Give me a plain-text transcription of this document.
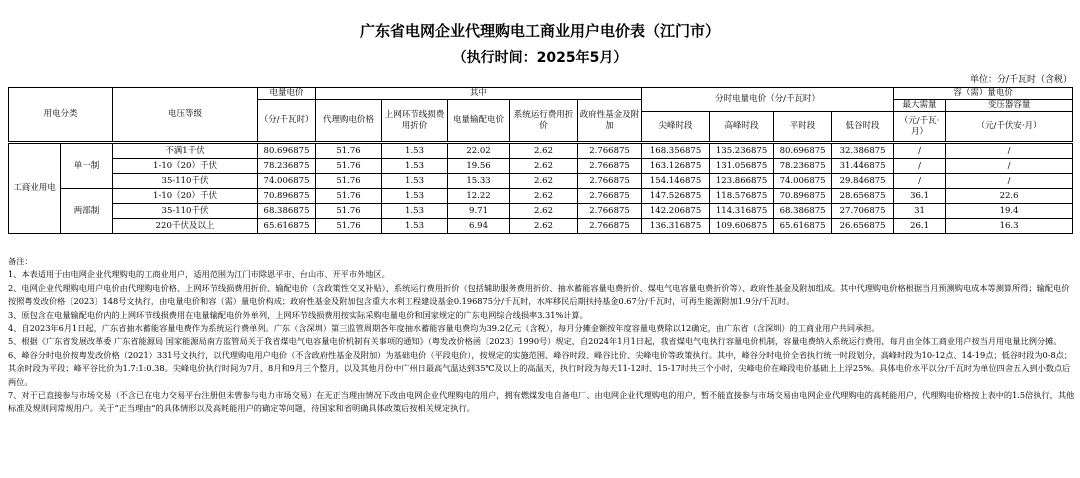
广东省电网企业代理购电工商业用户电价表（江门市）
（执行时间：2025年5月）
单位：分/千瓦时（含税）
用电分类		电压等级	电量电价	其中					分时电量电价（分/千瓦时）				容（需）量电价	
			（分/千瓦时）	代理购电价格	上网环节线损费用折价	电量输配电价	系统运行费用折价	政府性基金及附加					最大需量	变压器容量
									尖峰时段	高峰时段	平时段	低谷时段	（元/千瓦·月）	（元/千伏安·月）
工商业用电	单一制	不满1千伏	80.696875	51.76	1.53	22.02	2.62	2.766875	168.356875	135.236875	80.696875	32.386875	/	/
		1-10（20）千伏	78.236875	51.76	1.53	19.56	2.62	2.766875	163.126875	131.056875	78.236875	31.446875	/	/
		35-110千伏	74.006875	51.76	1.53	15.33	2.62	2.766875	154.146875	123.866875	74.006875	29.846875	/	/
	两部制	1-10（20）千伏	70.896875	51.76	1.53	12.22	2.62	2.766875	147.526875	118.576875	70.896875	28.656875	36.1	22.6
		35-110千伏	68.386875	51.76	1.53	9.71	2.62	2.766875	142.206875	114.316875	68.386875	27.706875	31	19.4
		220千伏及以上	65.616875	51.76	1.53	6.94	2.62	2.766875	136.316875	109.606875	65.616875	26.656875	26.1	16.3
备注：
1、本表适用于由电网企业代理购电的工商业用户，适用范围为江门市除恩平市、台山市、开平市外地区。
2、电网企业代理购电用户电价由代理购电价格、上网环节线损费用折价、输配电价（含政策性交叉补贴）、系统运行费用折价（包括辅助服务费用折价、抽水蓄能容量电费折价、煤电气电容量电费折价等）、政府性基金及附加组成。其中代理购电价格根据当月预测购电成本等测算所得；输配电价按照粤发改价格〔2023〕148号文执行，由电量电价和容（需）量电价构成；政府性基金及附加包含重大水利工程建设基金0.196875分/千瓦时，水库移民后期扶持基金0.67分/千瓦时，可再生能源附加1.9分/千瓦时。
3、原包含在电量输配电价内的上网环节线损费用在电量输配电价外单列，上网环节线损费用按实际采购电量电价和国家规定的广东电网综合线损率3.31%计算。
4、自2023年6月1日起，广东省抽水蓄能容量电费作为系统运行费单列。广东（含深圳）第三监管周期各年度抽水蓄能容量电费均为39.2亿元（含税），每月分摊金额按年度容量电费除以12确定，由广东省（含深圳）的工商业用户共同承担。
5、根据《广东省发展改革委 广东省能源局 国家能源局南方监管局关于我省煤电气电容量电价机制有关事项的通知》（粤发改价格函〔2023〕1990号）规定，自2024年1月1日起，我省煤电气电执行容量电价机制，容量电费纳入系统运行费用，每月由全体工商业用户按当月用电量比例分摊。
6、峰谷分时电价按粤发改价格（2021）331号文执行，以代理购电用户电价（不含政府性基金及附加）为基础电价（平段电价），按规定的实施范围、峰谷时段、峰谷比价、尖峰电价等政策执行。其中，峰谷分时电价全省执行统一时段划分，高峰时段为10-12点、14-19点；低谷时段为0-8点；其余时段为平段；峰平谷比价为1.7:1:0.38。尖峰电价执行时间为7月、8月和9月三个整月，以及其他月份中广州日最高气温达到35℃及以上的高温天，执行时段为每天11-12时、15-17时共三个小时，尖峰电价在峰段电价基础上上浮25%。具体电价水平以分/千瓦时为单位四舍五入到小数点后两位。
7、对于已直接参与市场交易（不含已在电力交易平台注册但未曾参与电力市场交易）在无正当理由情况下改由电网企业代理购电的用户，拥有燃煤发电自备电厂、由电网企业代理购电的用户，暂不能直接参与市场交易由电网企业代理购电的高耗能用户，代理购电价格按上表中的1.5倍执行，其他标准及规则同常规用户。关于“正当理由”的具体情形以及高耗能用户的确定等问题，待国家和省明确具体政策后按相关规定执行。
